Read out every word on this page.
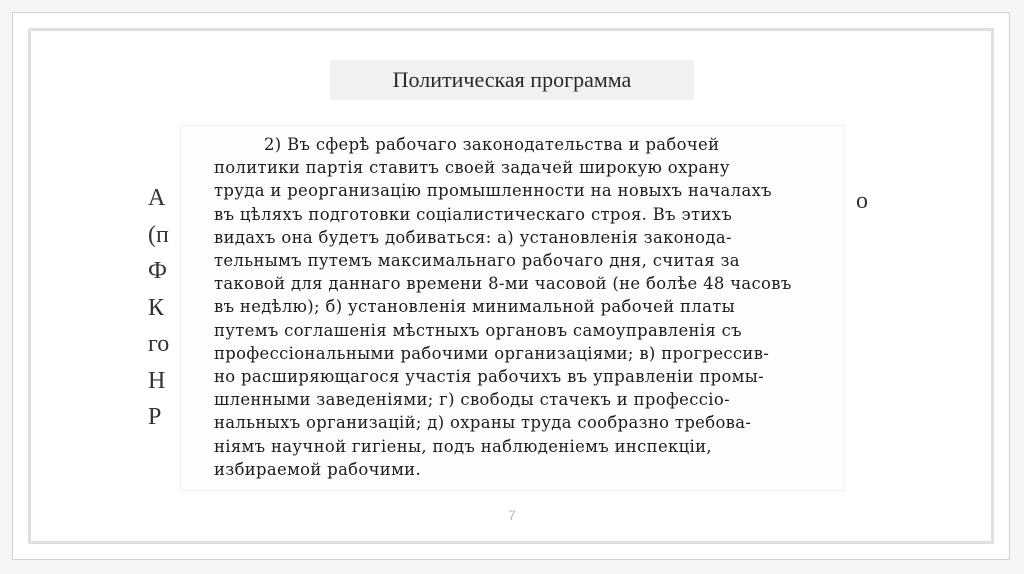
Политическая программа
А
(п
Ф
К
го
Н
Р
о
2) Въ сферѣ рабочаго законодательства и рабочей
политики партія ставитъ своей задачей широкую охрану
труда и реорганизацію промышленности на новыхъ началахъ
въ цѣляхъ подготовки соціалистическаго строя. Въ этихъ
видахъ она будетъ добиваться: а) установленія законода-
тельнымъ путемъ максимальнаго рабочаго дня, считая за
таковой для даннаго времени 8-ми часовой (не болѣе 48 часовъ
въ недѣлю); б) установленія минимальной рабочей платы
путемъ соглашенія мѣстныхъ органовъ самоуправленія съ
профессіональными рабочими организаціями; в) прогрессив-
но расширяющагося участія рабочихъ въ управленіи промы-
шленными заведеніями; г) свободы стачекъ и профессіо-
нальныхъ организацій; д) охраны труда сообразно требова-
ніямъ научной гигіены, подъ наблюденіемъ инспекціи,
избираемой рабочими.
7
